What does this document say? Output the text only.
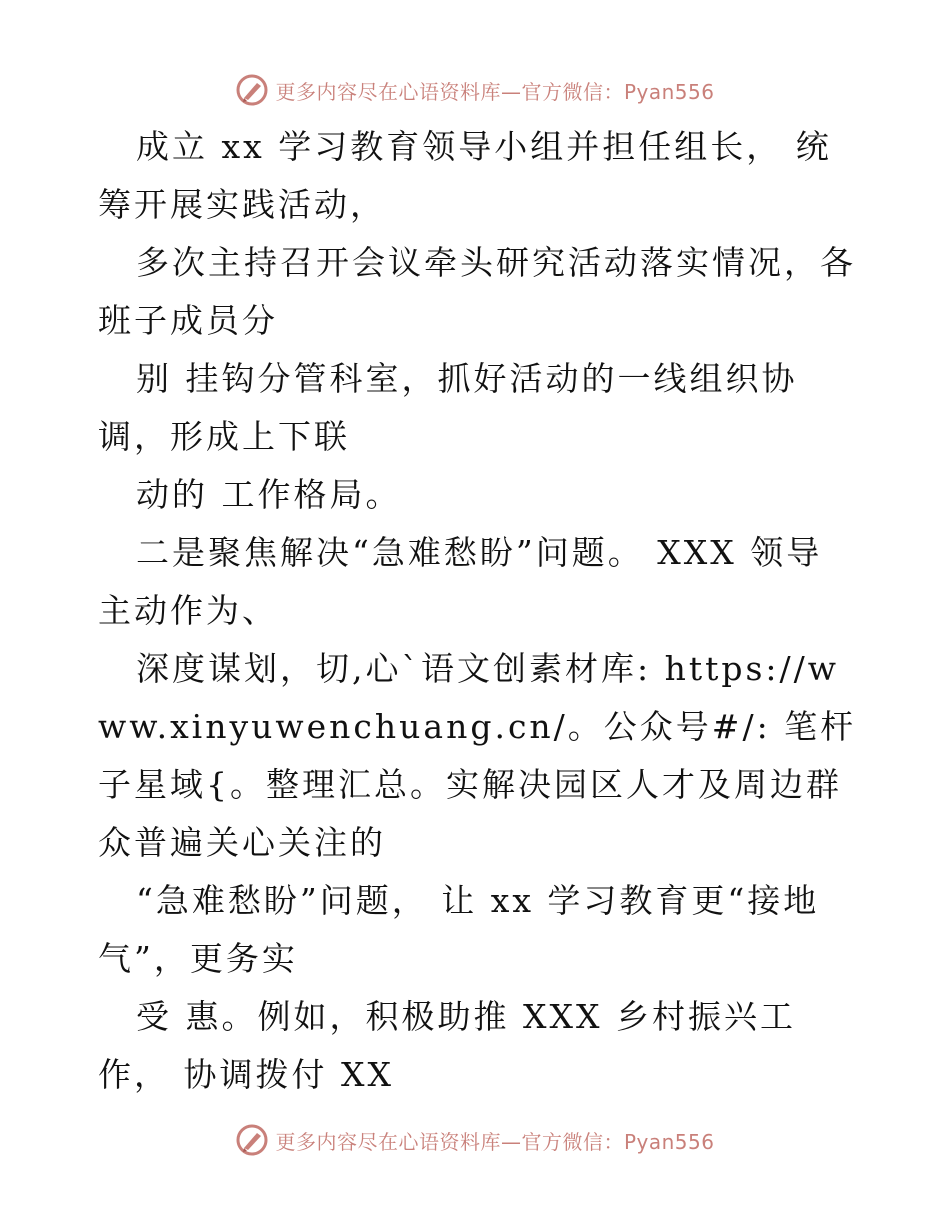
更多内容尽在心语资料库—官方微信：Pyan556
成立 xx 学习教育领导小组并担任组长， 统筹开展实践活动，
多次主持召开会议牵头研究活动落实情况，各班子成员分
别 挂钩分管科室，抓好活动的一线组织协调，形成上下联
动的 工作格局。
二是聚焦解决“急难愁盼”问题。 XXX 领导主动作为、
深度谋划，切,心`语文创素材库: https://www.xinyuwenchuang.cn/。公众号#/: 笔杆子星域{。整理汇总。实解决园区人才及周边群众普遍关心关注的
“急难愁盼”问题， 让 xx 学习教育更“接地气”，更务实
受 惠。例如，积极助推 XXX 乡村振兴工作， 协调拨付 XX
更多内容尽在心语资料库—官方微信：Pyan556
